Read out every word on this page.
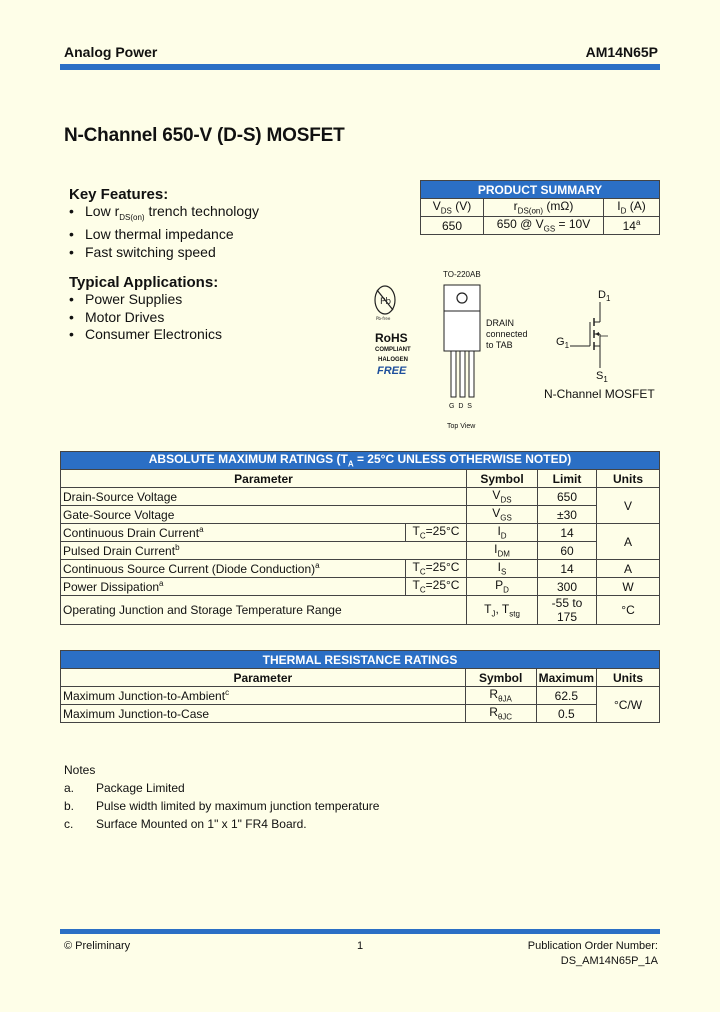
Analog Power	AM14N65P
N-Channel 650-V (D-S) MOSFET
Key Features:
• Low $r_{DS(on)}$ trench technology
• Low thermal impedance
• Fast switching speed
Typical Applications:
• Power Supplies
• Motor Drives
• Consumer Electronics
PRODUCT SUMMARY		
$V_{DS}$ (V)	$r_{DS(on)}$ (mΩ)	$I_D$ (A)
650	650 @ $V_{GS} = 10V$	14$^a$
Pb
Pb-free
RoHS
COMPLIANT
HALOGEN
FREE
TO-220AB
G  D  S
Top View
DRAIN
connected
to TAB
$D_1$
$G_1$
$S_1$
N-Channel MOSFET
ABSOLUTE MAXIMUM RATINGS ($T_A = 25^\circ C$ UNLESS OTHERWISE NOTED)				
Parameter		Symbol	Limit	Units
Drain-Source Voltage		$V_{DS}$	650	V
Gate-Source Voltage		$V_{GS}$	±30	
Continuous Drain Current$^a$	$T_C=25^\circ C$	$I_D$	14	A
Pulsed Drain Current$^b$		$I_{DM}$	60	
Continuous Source Current (Diode Conduction)$^a$	$T_C=25^\circ C$	$I_S$	14	A
Power Dissipation$^a$	$T_C=25^\circ C$	$P_D$	300	W
Operating Junction and Storage Temperature Range		$T_J$, $T_{stg}$	-55 to 175	°C
THERMAL RESISTANCE RATINGS			
Parameter	Symbol	Maximum	Units
Maximum Junction-to-Ambient$^c$	$R_{\theta JA}$	62.5	°C/W
Maximum Junction-to-Case	$R_{\theta JC}$	0.5	
Notes
a. Package Limited
b. Pulse width limited by maximum junction temperature
c. Surface Mounted on 1" x 1" FR4 Board.
© Preliminary	1	Publication Order Number:
DS_AM14N65P_1A
